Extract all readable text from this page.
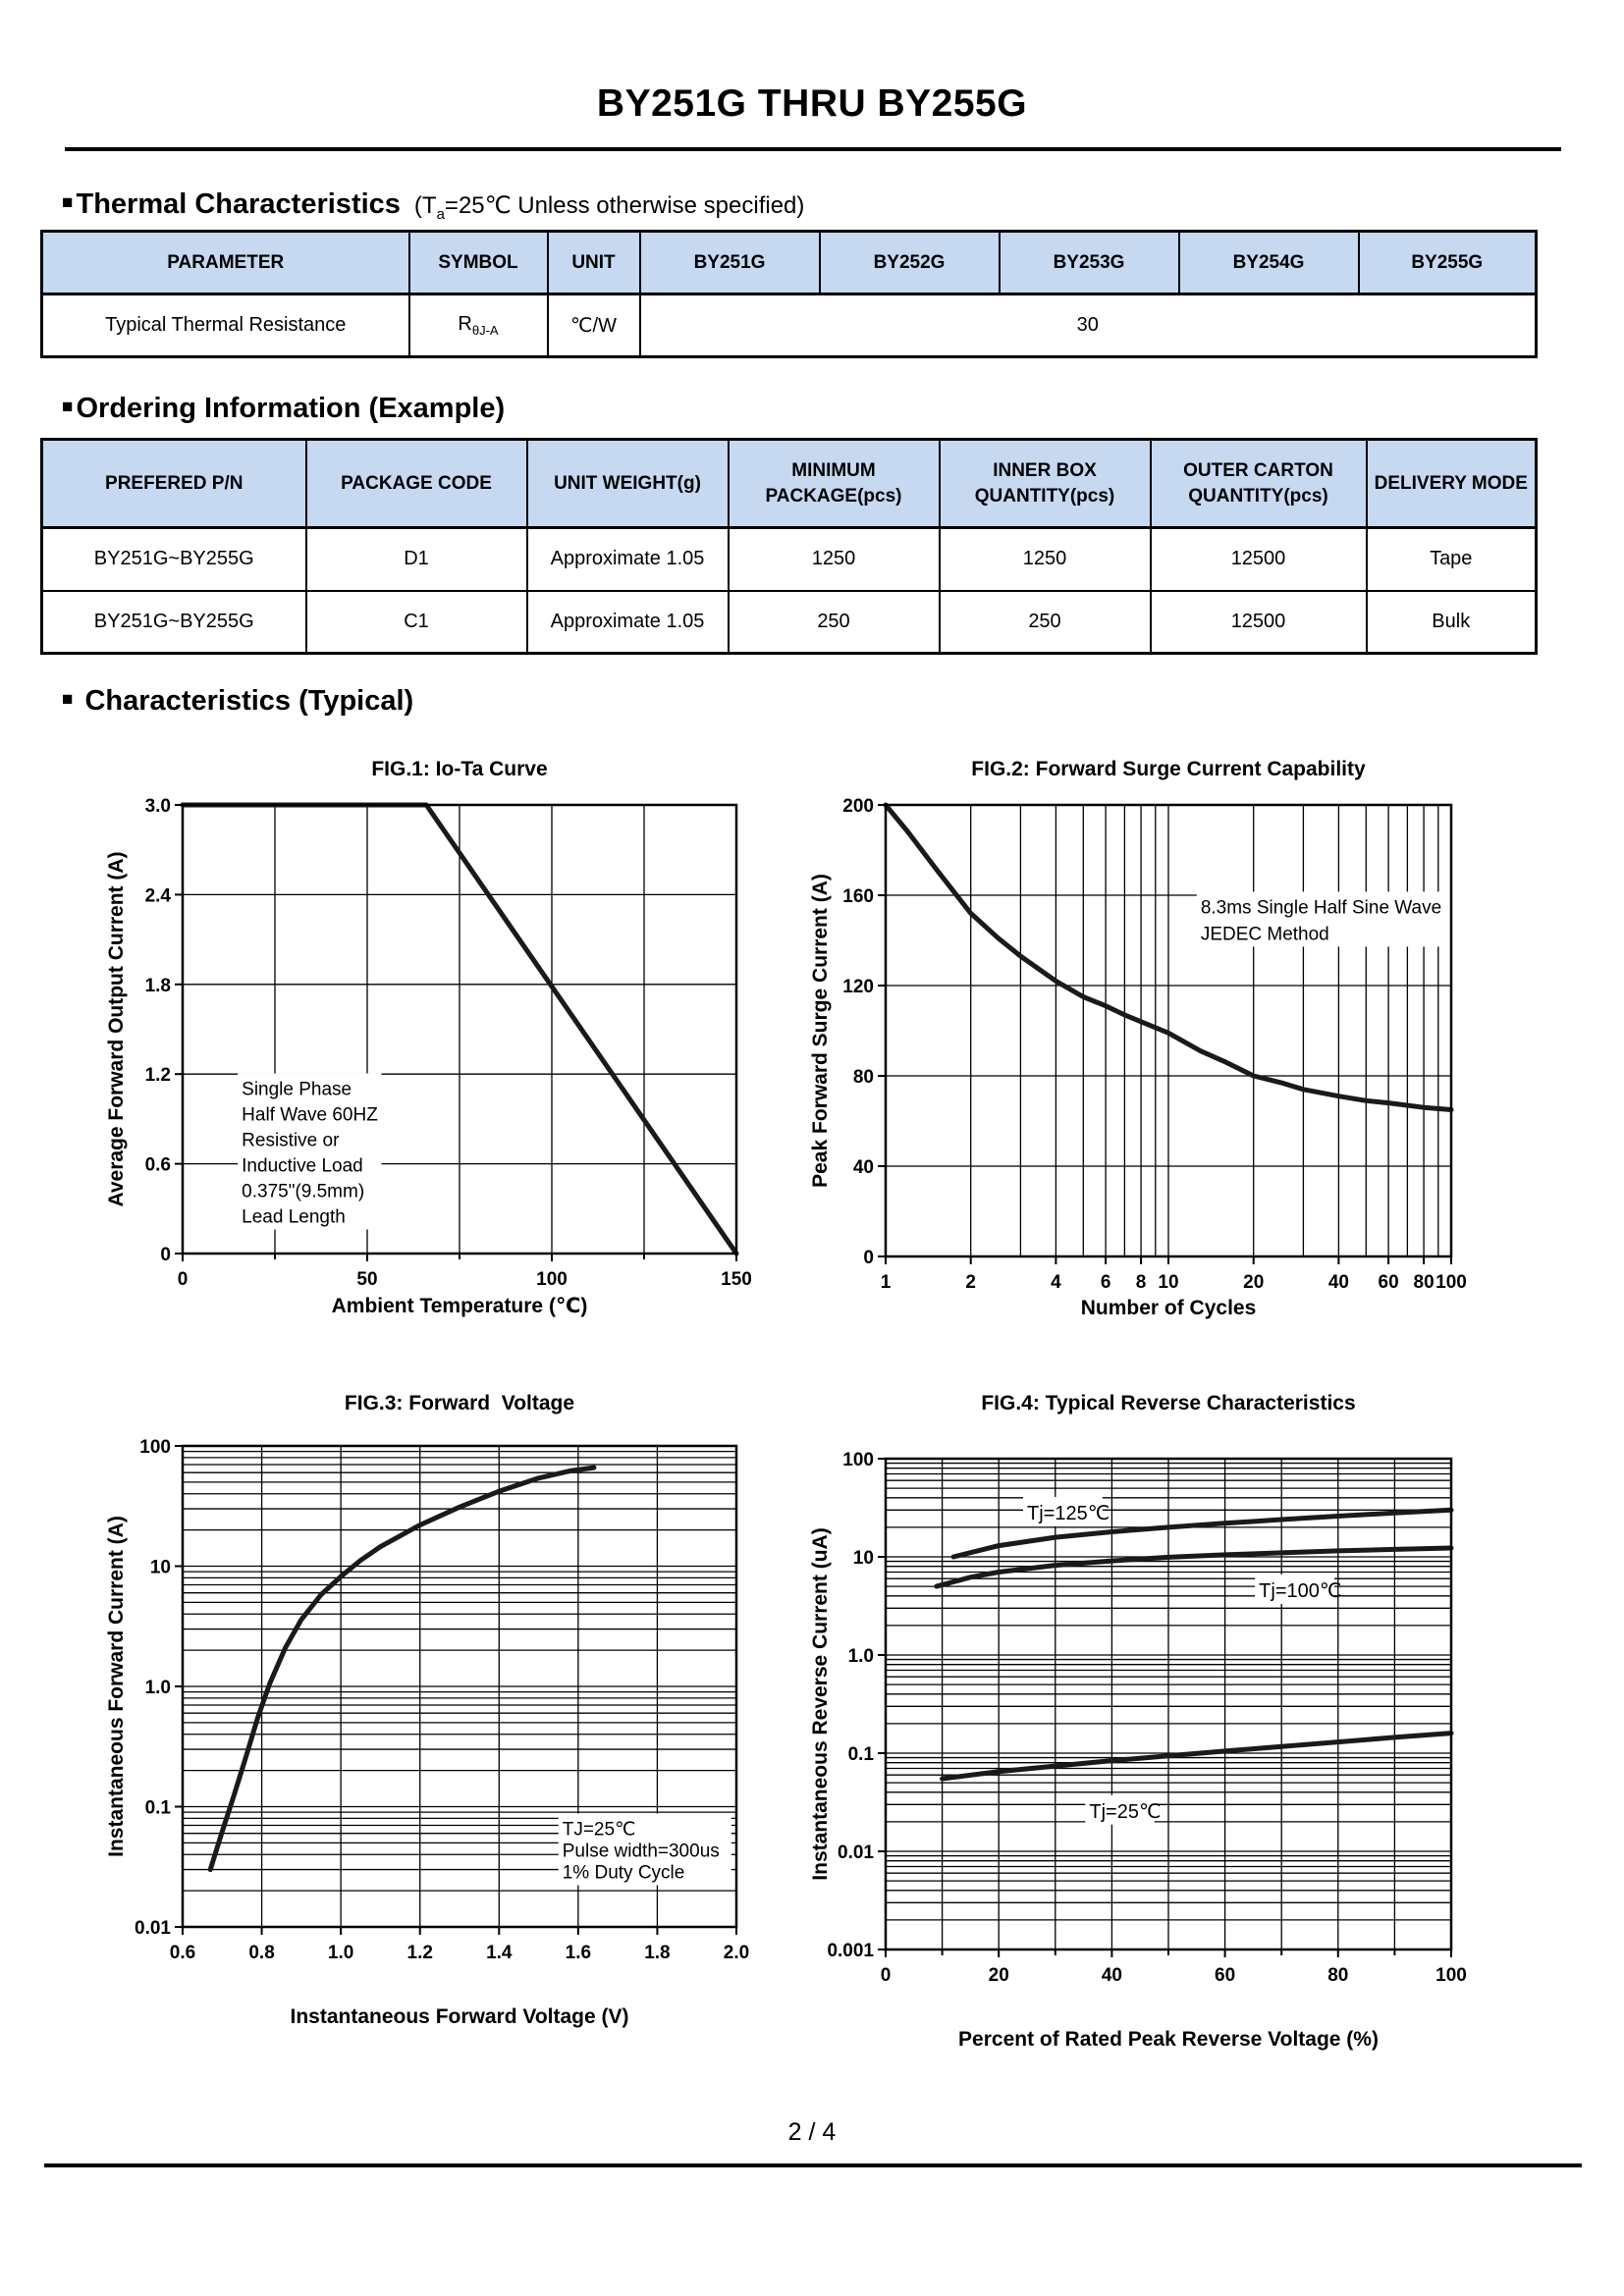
BY251G THRU BY255G
■ Thermal Characteristics ($T_a=25℃$ Unless otherwise specified)
PARAMETER	SYMBOL	UNIT	BY251G	BY252G	BY253G	BY254G	BY255G
Typical Thermal Resistance	$R_{\theta J-A}$	℃/W	30				
■ Ordering Information (Example)
PREFERED P/N	PACKAGE CODE	UNIT WEIGHT(g)	MINIMUM PACKAGE(pcs)	INNER BOX QUANTITY(pcs)	OUTER CARTON QUANTITY(pcs)	DELIVERY MODE
BY251G~BY255G	D1	Approximate 1.05	1250	1250	12500	Tape
BY251G~BY255G	C1	Approximate 1.05	250	250	12500	Bulk
■ Characteristics (Typical)
FIG.1: Io-Ta Curve
Single Phase Half Wave 60HZ Resistive or Inductive Load 0.375"(9.5mm) Lead Length
0	50	100	150
0
0.6
1.2
1.8
2.4
3.0
Ambient Temperature (℃)
Average Forward Output Current (A)
FIG.2: Forward Surge Current Capability
8.3ms Single Half Sine Wave JEDEC Method
1	2	4 6 8 10	20	40 60 80 100
0
40
80
120
160
200
Number of Cycles
Peak Forward Surge Current (A)
FIG.3: Forward  Voltage
TJ=25℃ Pulse width=300us 1% Duty Cycle
0.6	0.8	1.0	1.2	1.4	1.6	1.8	2.0
0.01
0.1
1.0
10
100
Instantaneous Forward Voltage (V)
Instantaneous Forward Current (A)
FIG.4: Typical Reverse Characteristics
Tj=125℃
Tj=100℃
Tj=25℃
0	20	40	60	80	100
0.001
0.01
0.1
1.0
10
100
Percent of Rated Peak Reverse Voltage (%)
Instantaneous Reverse Current (uA)
2 / 4
